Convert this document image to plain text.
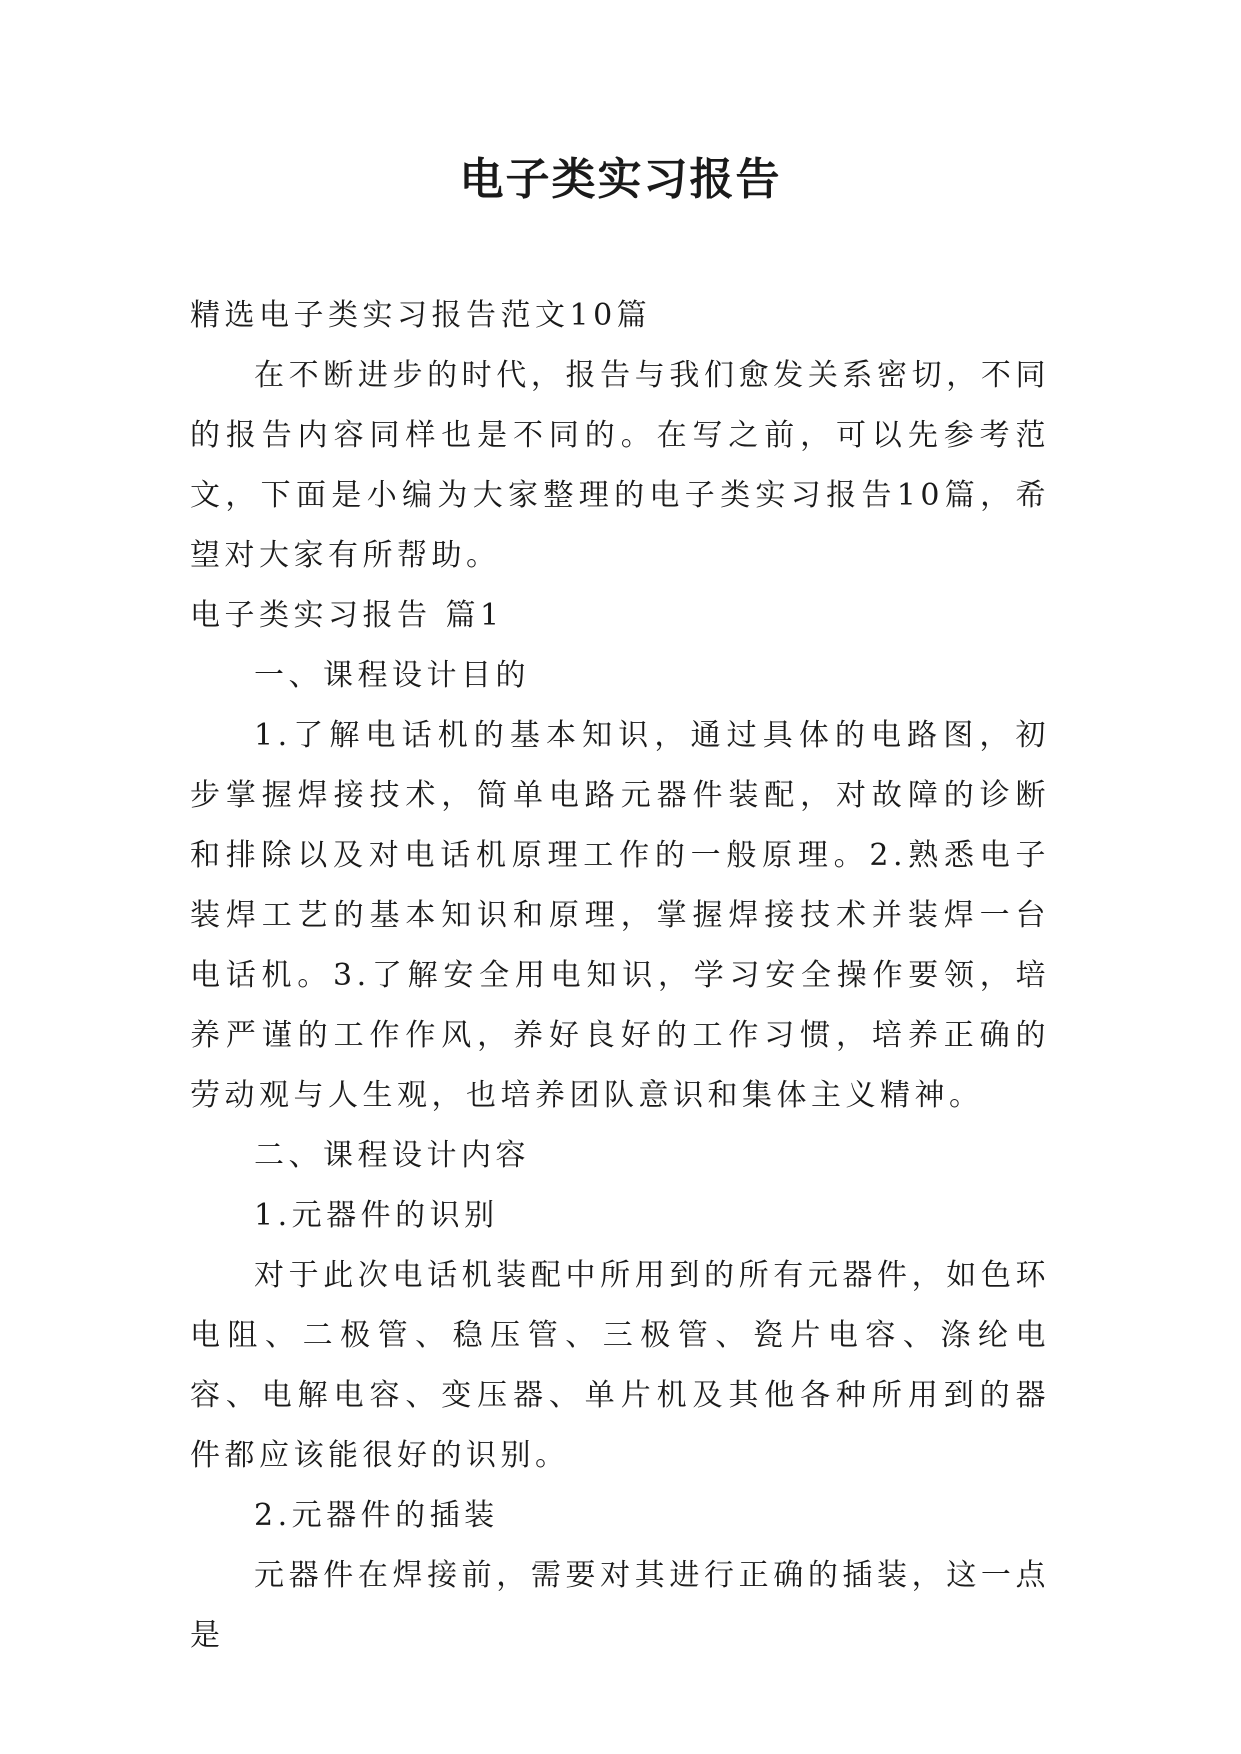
电子类实习报告

精选电子类实习报告范文10篇

在不断进步的时代，报告与我们愈发关系密切，不同的报告内容同样也是不同的。在写之前，可以先参考范文，下面是小编为大家整理的电子类实习报告10篇，希望对大家有所帮助。

电子类实习报告 篇1

一、课程设计目的

1.了解电话机的基本知识，通过具体的电路图，初步掌握焊接技术，简单电路元器件装配，对故障的诊断和排除以及对电话机原理工作的一般原理。2.熟悉电子装焊工艺的基本知识和原理，掌握焊接技术并装焊一台电话机。3.了解安全用电知识，学习安全操作要领，培养严谨的工作作风，养好良好的工作习惯，培养正确的劳动观与人生观，也培养团队意识和集体主义精神。

二、课程设计内容

1.元器件的识别

对于此次电话机装配中所用到的所有元器件，如色环电阻、二极管、稳压管、三极管、瓷片电容、涤纶电容、电解电容、变压器、单片机及其他各种所用到的器件都应该能很好的识别。

2.元器件的插装

元器件在焊接前，需要对其进行正确的插装，这一点是
